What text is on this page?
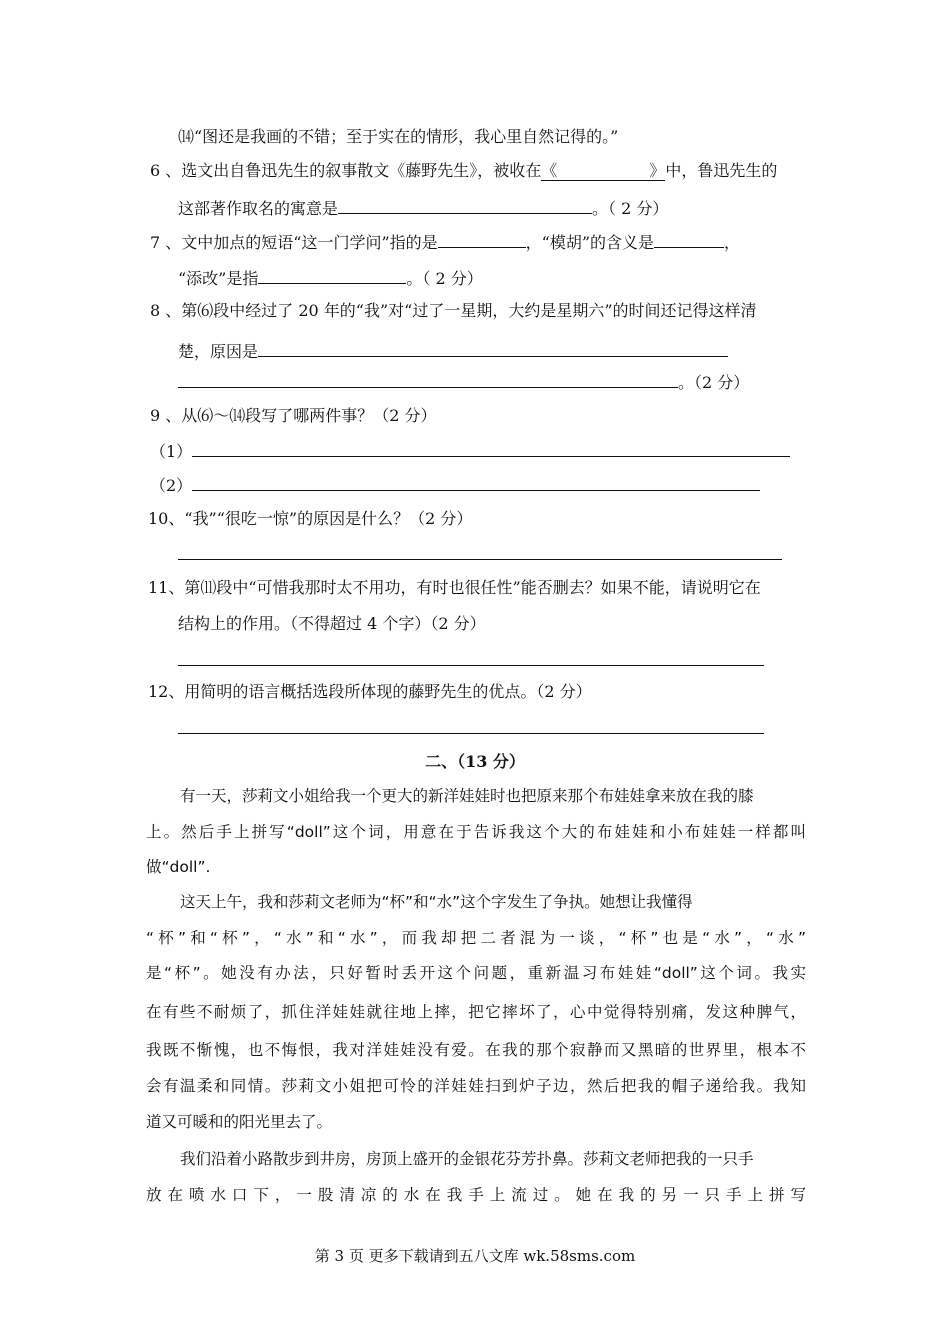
⒁“图还是我画的不错；至于实在的情形，我心里自然记得的。”
6 、选文出自鲁迅先生的叙事散文《藤野先生》，被收在《	》中，鲁迅先生的
这部著作取名的寓意是	。（ 2 分）
7 、文中加点的短语“这一门学问”指的是	，“模胡”的含义是	，
“添改”是指	。（ 2 分）
8 、第⑹段中经过了 20 年的“我”对“过了一星期，大约是星期六”的时间还记得这样清
楚，原因是
。（2 分）
9 、从⑹～⒁段写了哪两件事？（2 分）
（1）
（2）
10、“我”“很吃一惊”的原因是什么？（2 分）
11、第⑾段中“可惜我那时太不用功，有时也很任性”能否删去？如果不能，请说明它在
结构上的作用。（不得超过 4 个字）（2 分）
12、用简明的语言概括选段所体现的藤野先生的优点。（2 分）
二、（13 分）
有一天，莎莉文小姐给我一个更大的新洋娃娃时也把原来那个布娃娃拿来放在我的膝
上。然后手上拼写“doll”这个词，用意在于告诉我这个大的布娃娃和小布娃娃一样都叫
做“doll”.
这天上午，我和莎莉文老师为“杯”和“水”这个字发生了争执。她想让我懂得
“杯”和“杯”，“水”和“水”，而我却把二者混为一谈，“杯”也是“水”，“水”
是“杯”。她没有办法，只好暂时丢开这个问题，重新温习布娃娃“doll”这个词。我实
在有些不耐烦了，抓住洋娃娃就往地上摔，把它摔坏了，心中觉得特别痛，发这种脾气，
我既不惭愧，也不悔恨，我对洋娃娃没有爱。在我的那个寂静而又黑暗的世界里，根本不
会有温柔和同情。莎莉文小姐把可怜的洋娃娃扫到炉子边，然后把我的帽子递给我。我知
道又可暖和的阳光里去了。
我们沿着小路散步到井房，房顶上盛开的金银花芬芳扑鼻。莎莉文老师把我的一只手
放在喷水口下，一股清凉的水在我手上流过。她在我的另一只手上拼写
第 3 页 更多下载请到五八文库 wk.58sms.com
